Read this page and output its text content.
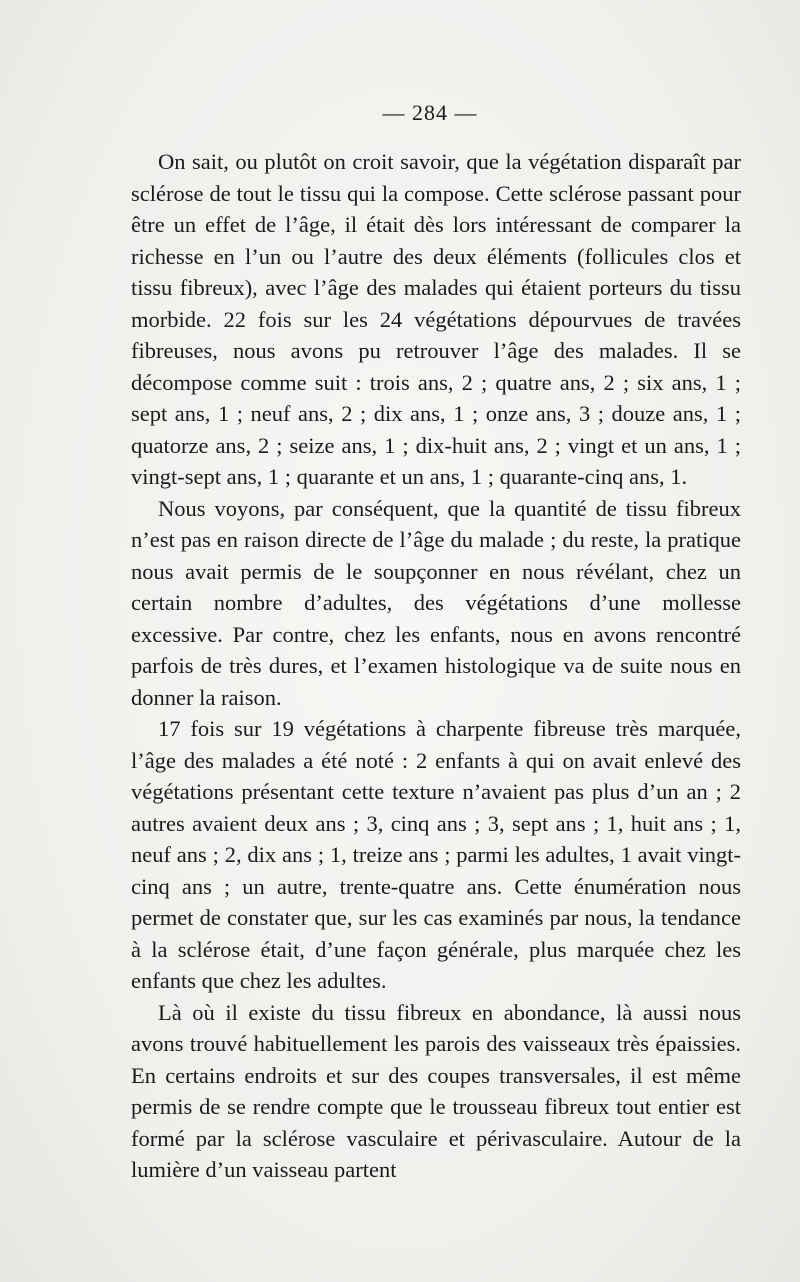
— 284 —

On sait, ou plutôt on croit savoir, que la végétation disparaît par sclérose de tout le tissu qui la compose. Cette sclérose passant pour être un effet de l’âge, il était dès lors intéressant de comparer la richesse en l’un ou l’autre des deux éléments (follicules clos et tissu fibreux), avec l’âge des malades qui étaient porteurs du tissu morbide. 22 fois sur les 24 végétations dépourvues de travées fibreuses, nous avons pu retrouver l’âge des malades. Il se décompose comme suit : trois ans, 2 ; quatre ans, 2 ; six ans, 1 ; sept ans, 1 ; neuf ans, 2 ; dix ans, 1 ; onze ans, 3 ; douze ans, 1 ; quatorze ans, 2 ; seize ans, 1 ; dix-huit ans, 2 ; vingt et un ans, 1 ; vingt-sept ans, 1 ; quarante et un ans, 1 ; quarante-cinq ans, 1.

Nous voyons, par conséquent, que la quantité de tissu fibreux n’est pas en raison directe de l’âge du malade ; du reste, la pratique nous avait permis de le soupçonner en nous révélant, chez un certain nombre d’adultes, des végétations d’une mollesse excessive. Par contre, chez les enfants, nous en avons rencontré parfois de très dures, et l’examen histologique va de suite nous en donner la raison.

17 fois sur 19 végétations à charpente fibreuse très marquée, l’âge des malades a été noté : 2 enfants à qui on avait enlevé des végétations présentant cette texture n’avaient pas plus d’un an ; 2 autres avaient deux ans ; 3, cinq ans ; 3, sept ans ; 1, huit ans ; 1, neuf ans ; 2, dix ans ; 1, treize ans ; parmi les adultes, 1 avait vingt-cinq ans ; un autre, trente-quatre ans. Cette énumération nous permet de constater que, sur les cas examinés par nous, la tendance à la sclérose était, d’une façon générale, plus marquée chez les enfants que chez les adultes.

Là où il existe du tissu fibreux en abondance, là aussi nous avons trouvé habituellement les parois des vaisseaux très épaissies. En certains endroits et sur des coupes transversales, il est même permis de se rendre compte que le trousseau fibreux tout entier est formé par la sclérose vasculaire et périvasculaire. Autour de la lumière d’un vaisseau partent
